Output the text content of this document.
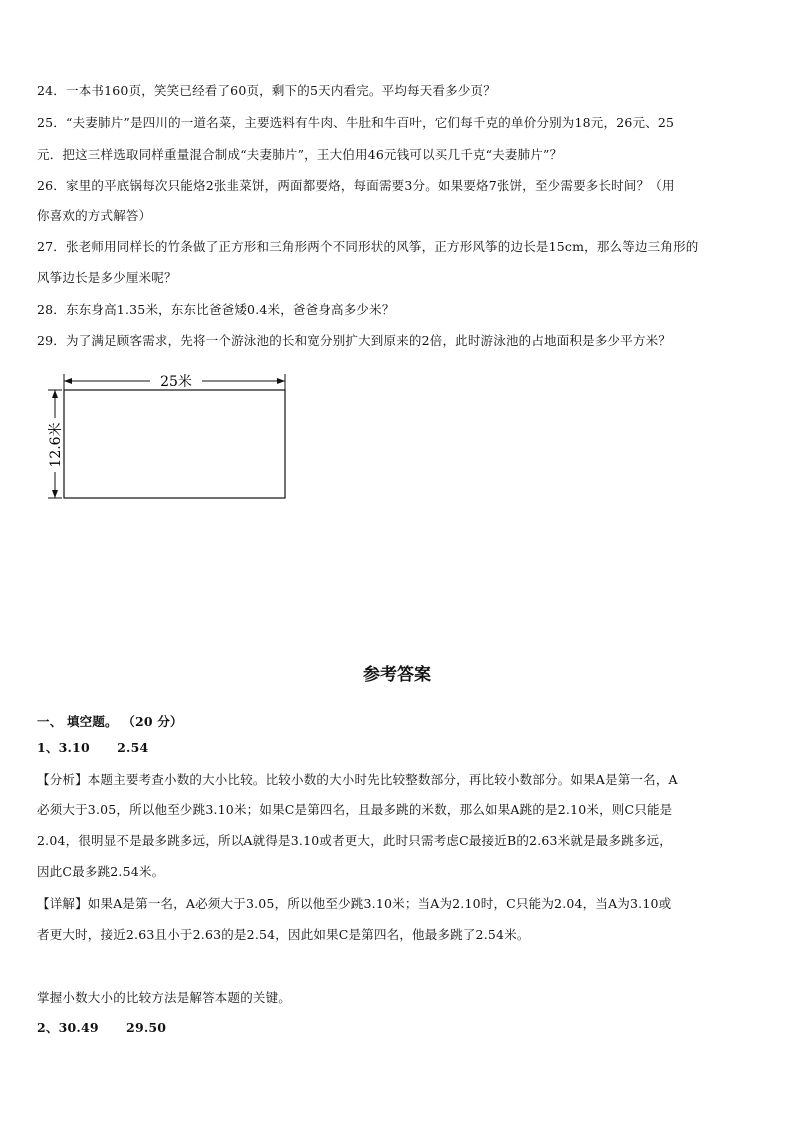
24．一本书160页，笑笑已经看了60页，剩下的5天内看完。平均每天看多少页？
25．“夫妻肺片”是四川的一道名菜，主要选料有牛肉、牛肚和牛百叶，它们每千克的单价分别为18元，26元、25
元．把这三样选取同样重量混合制成“夫妻肺片”，王大伯用46元钱可以买几千克“夫妻肺片”？
26．家里的平底锅每次只能烙2张韭菜饼，两面都要烙，每面需要3分。如果要烙7张饼，至少需要多长时间？（用
你喜欢的方式解答）
27．张老师用同样长的竹条做了正方形和三角形两个不同形状的风筝，正方形风筝的边长是15cm，那么等边三角形的
风筝边长是多少厘米呢？
28．东东身高1.35米，东东比爸爸矮0.4米，爸爸身高多少米？
29．为了满足顾客需求，先将一个游泳池的长和宽分别扩大到原来的2倍，此时游泳池的占地面积是多少平方米？
25米
12.6米
参考答案
一、 填空题。 （20 分）
1、3.10      2.54
【分析】本题主要考查小数的大小比较。比较小数的大小时先比较整数部分，再比较小数部分。如果A是第一名，A
必须大于3.05，所以他至少跳3.10米；如果C是第四名，且最多跳的米数，那么如果A跳的是2.10米，则C只能是
2.04，很明显不是最多跳多远，所以A就得是3.10或者更大，此时只需考虑C最接近B的2.63米就是最多跳多远，
因此C最多跳2.54米。
【详解】如果A是第一名，A必须大于3.05，所以他至少跳3.10米；当A为2.10时，C只能为2.04，当A为3.10或
者更大时，接近2.63且小于2.63的是2.54，因此如果C是第四名，他最多跳了2.54米。
掌握小数大小的比较方法是解答本题的关键。
2、30.49      29.50
